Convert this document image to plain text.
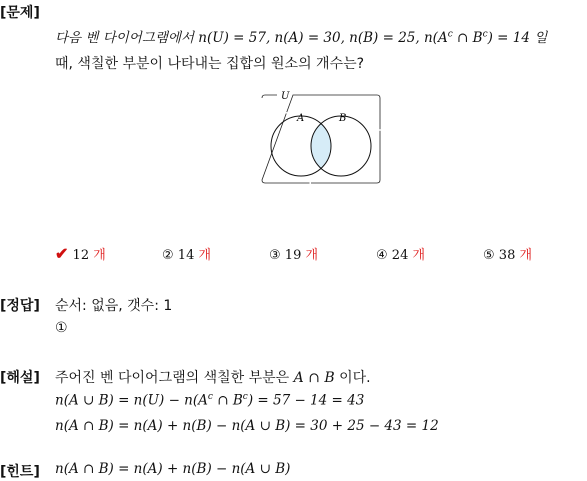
[문제]
다음 벤 다이어그램에서 n(U) = 57, n(A) = 30, n(B) = 25, $n(A^c$ ∩ $B^c) = 14$ 일
때, 색칠한 부분이 나타내는 집합의 원소의 개수는?
U
A	B
✔ 12 개	② 14 개	③ 19 개	④ 24 개	⑤ 38 개
[정답] 순서: 없음, 갯수: 1
①
[해설] 주어진 벤 다이어그램의 색칠한 부분은 A ∩ B 이다.
n(A ∪ $B) = n(U) - n(A^c$ ∩ $B^c) = 57 - 14 = 43$
n(A ∩ B) = n(A) + n(B) − n(A ∪ B) = 30 + 25 − 43 = 12
[힌트] n(A ∩ B) = n(A) + n(B) − n(A ∪ B)
